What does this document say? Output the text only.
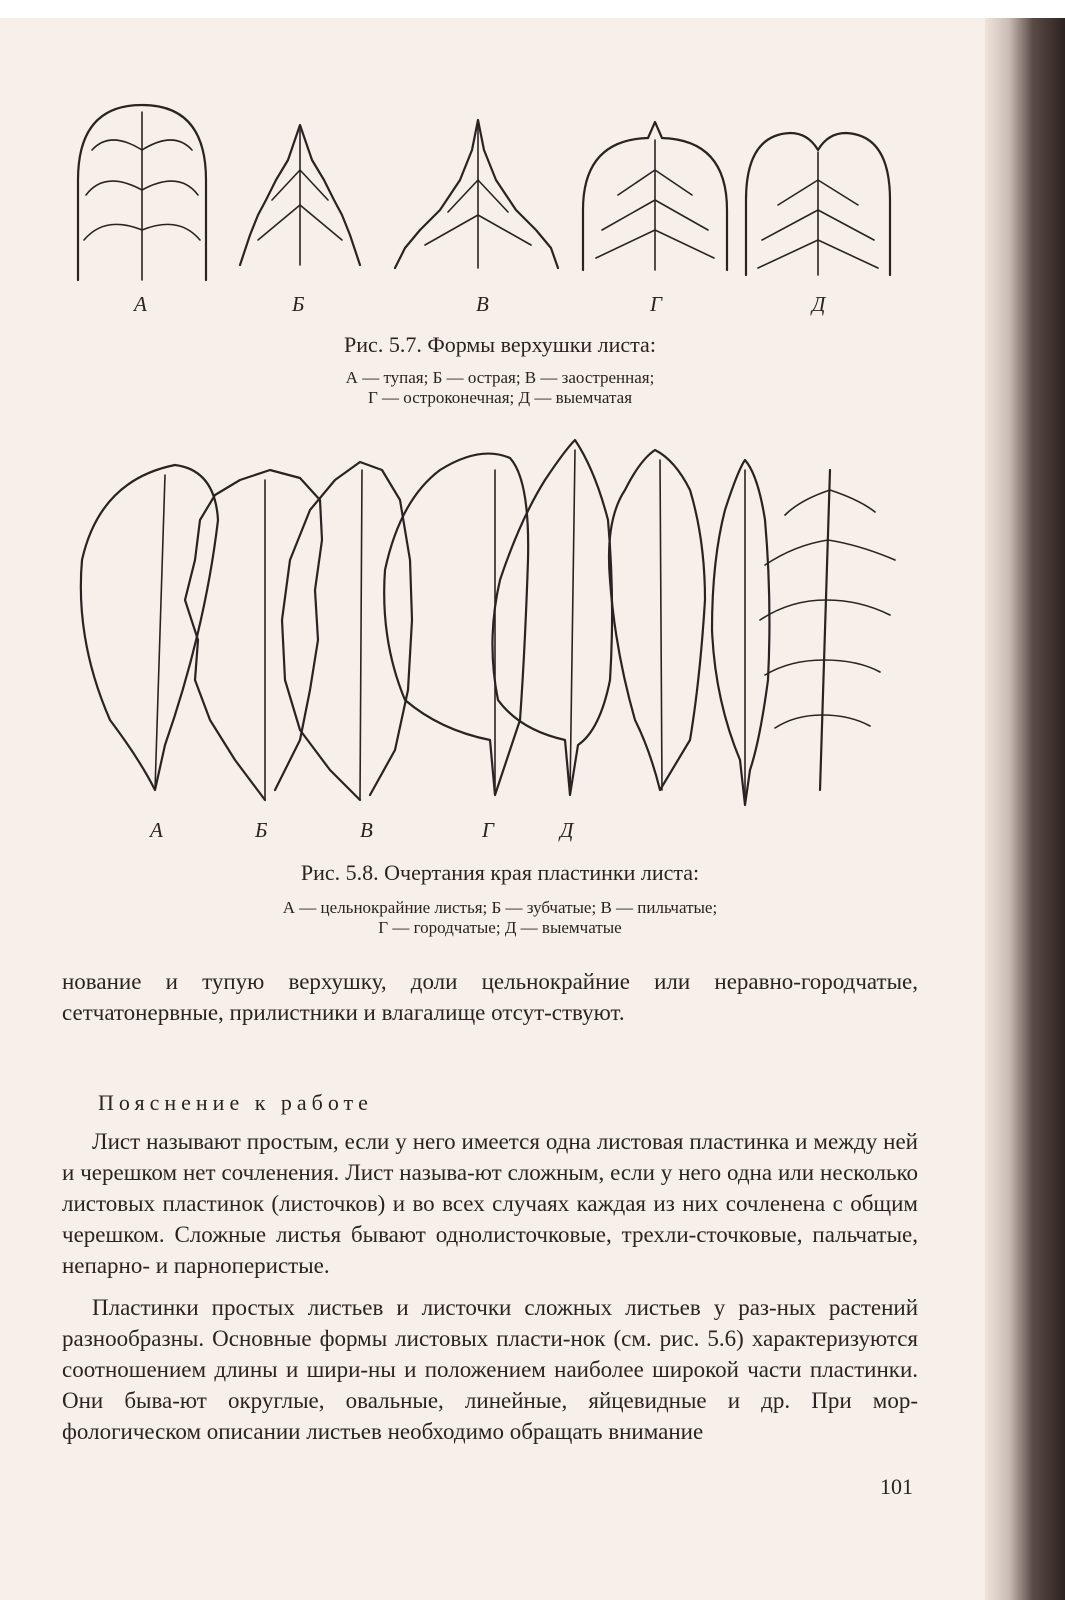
А	Б	В	Г	Д
Рис. 5.7. Формы верхушки листа:
А — тупая; Б — острая; В — заостренная;
Г — остроконечная; Д — выемчатая
А	Б	В	Г	Д
Рис. 5.8. Очертания края пластинки листа:
А — цельнокрайние листья; Б — зубчатые; В — пильчатые;
Г — городчатые; Д — выемчатые

нование и тупую верхушку, доли цельнокрайние или неравно-городчатые, сетчатонервные, прилистники и влагалище отсут-ствуют.

Пояснение к работе

Лист называют простым, если у него имеется одна листовая пластинка и между ней и черешком нет сочленения. Лист называ-ют сложным, если у него одна или несколько листовых пластинок (листочков) и во всех случаях каждая из них сочленена с общим черешком. Сложные листья бывают однолисточковые, трехли-сточковые, пальчатые, непарно- и парноперистые.

Пластинки простых листьев и листочки сложных листьев у раз-ных растений разнообразны. Основные формы листовых пласти-нок (см. рис. 5.6) характеризуются соотношением длины и шири-ны и положением наиболее широкой части пластинки. Они быва-ют округлые, овальные, линейные, яйцевидные и др. При мор-фологическом описании листьев необходимо обращать внимание

101
